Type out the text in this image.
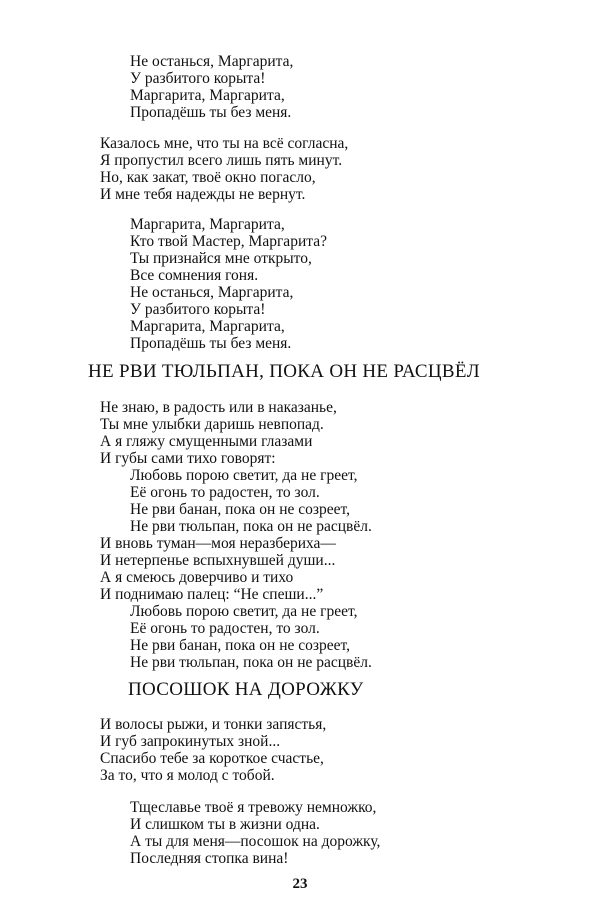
Не останься, Маргарита,
У разбитого корыта!
Маргарита, Маргарита,
Пропадёшь ты без меня.
Казалось мне, что ты на всё согласна,
Я пропустил всего лишь пять минут.
Но, как закат, твоё окно погасло,
И мне тебя надежды не вернут.
Маргарита, Маргарита,
Кто твой Мастер, Маргарита?
Ты признайся мне открыто,
Все сомнения гоня.
Не останься, Маргарита,
У разбитого корыта!
Маргарита, Маргарита,
Пропадёшь ты без меня.
НЕ РВИ ТЮЛЬПАН, ПОКА ОН НЕ РАСЦВЁЛ
Не знаю, в радость или в наказанье,
Ты мне улыбки даришь невпопад.
А я гляжу смущенными глазами
И губы сами тихо говорят:
Любовь порою светит, да не греет,
Её огонь то радостен, то зол.
Не рви банан, пока он не созреет,
Не рви тюльпан, пока он не расцвёл.
И вновь туман—моя неразбериха—
И нетерпенье вспыхнувшей души...
А я смеюсь доверчиво и тихо
И поднимаю палец: “Не спеши...”
Любовь порою светит, да не греет,
Её огонь то радостен, то зол.
Не рви банан, пока он не созреет,
Не рви тюльпан, пока он не расцвёл.
ПОСОШОК НА ДОРОЖКУ
И волосы рыжи, и тонки запястья,
И губ запрокинутых зной...
Спасибо тебе за короткое счастье,
За то, что я молод с тобой.
Тщеславье твоё я тревожу немножко,
И слишком ты в жизни одна.
А ты для меня—посошок на дорожку,
Последняя стопка вина!
23
